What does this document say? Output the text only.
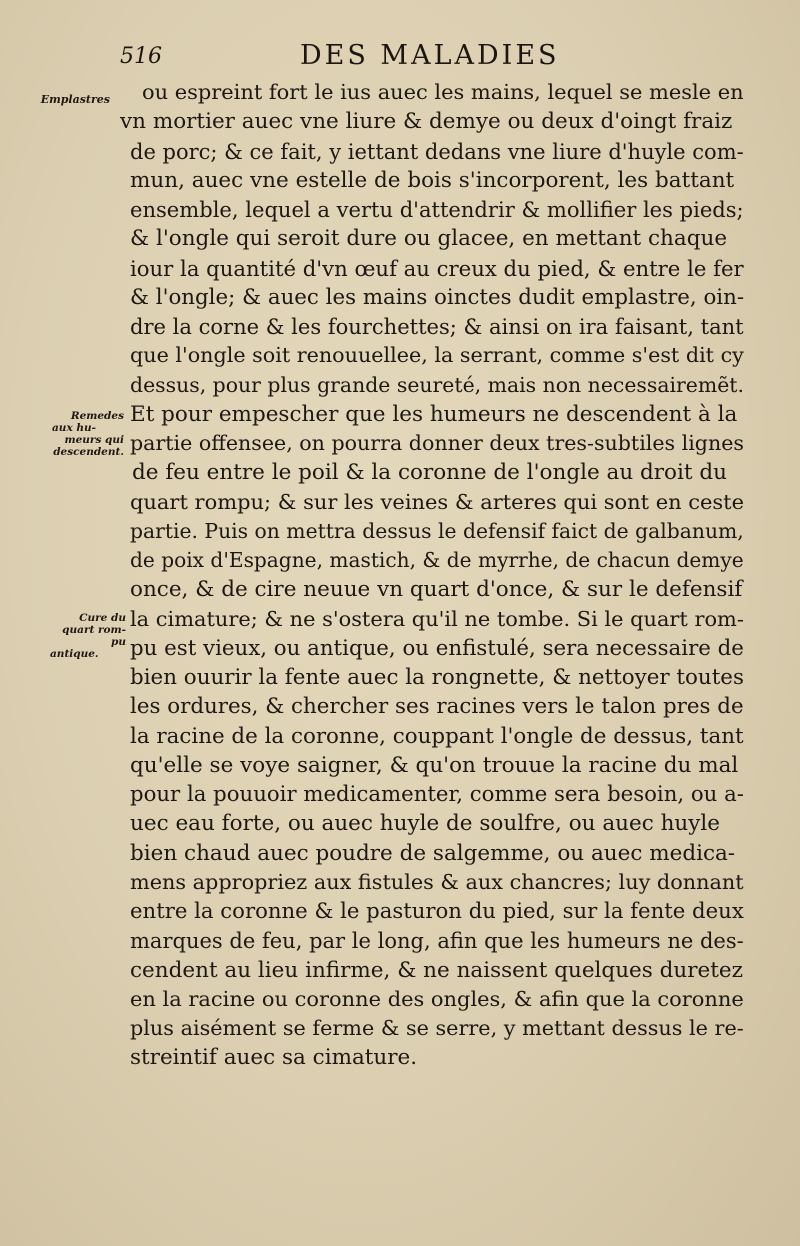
516	DES MALADIES
Emplastres
Remedes
aux hu-
meurs qui
descendent.
Cure du
quart rom-
pu
antique.
ou espreint fort le ius auec les mains, lequel se mesle en
vn mortier auec vne liure & demye ou deux d'oingt fraiz
de porc; & ce fait, y iettant dedans vne liure d'huyle com-
mun, auec vne estelle de bois s'incorporent, les battant
ensemble, lequel a vertu d'attendrir & mollifier les pieds;
& l'ongle qui seroit dure ou glacee, en mettant chaque
iour la quantité d'vn œuf au creux du pied, & entre le fer
& l'ongle; & auec les mains oinctes dudit emplastre, oin-
dre la corne & les fourchettes; & ainsi on ira faisant, tant
que l'ongle soit renouuellee, la serrant, comme s'est dit cy
dessus, pour plus grande seureté, mais non necessairemẽt.
Et pour empescher que les humeurs ne descendent à la
partie offensee, on pourra donner deux tres-subtiles lignes
de feu entre le poil & la coronne de l'ongle au droit du
quart rompu; & sur les veines & arteres qui sont en ceste
partie. Puis on mettra dessus le defensif faict de galbanum,
de poix d'Espagne, mastich, & de myrrhe, de chacun demye
once, & de cire neuue vn quart d'once, & sur le defensif
la cimature; & ne s'ostera qu'il ne tombe. Si le quart rom-
pu est vieux, ou antique, ou enfistulé, sera necessaire de
bien ouurir la fente auec la rongnette, & nettoyer toutes
les ordures, & chercher ses racines vers le talon pres de
la racine de la coronne, couppant l'ongle de dessus, tant
qu'elle se voye saigner, & qu'on trouue la racine du mal
pour la pouuoir medicamenter, comme sera besoin, ou a-
uec eau forte, ou auec huyle de soulfre, ou auec huyle
bien chaud auec poudre de salgemme, ou auec medica-
mens appropriez aux fistules & aux chancres; luy donnant
entre la coronne & le pasturon du pied, sur la fente deux
marques de feu, par le long, afin que les humeurs ne des-
cendent au lieu infirme, & ne naissent quelques duretez
en la racine ou coronne des ongles, & afin que la coronne
plus aisément se ferme & se serre, y mettant dessus le re-
streintif auec sa cimature.
